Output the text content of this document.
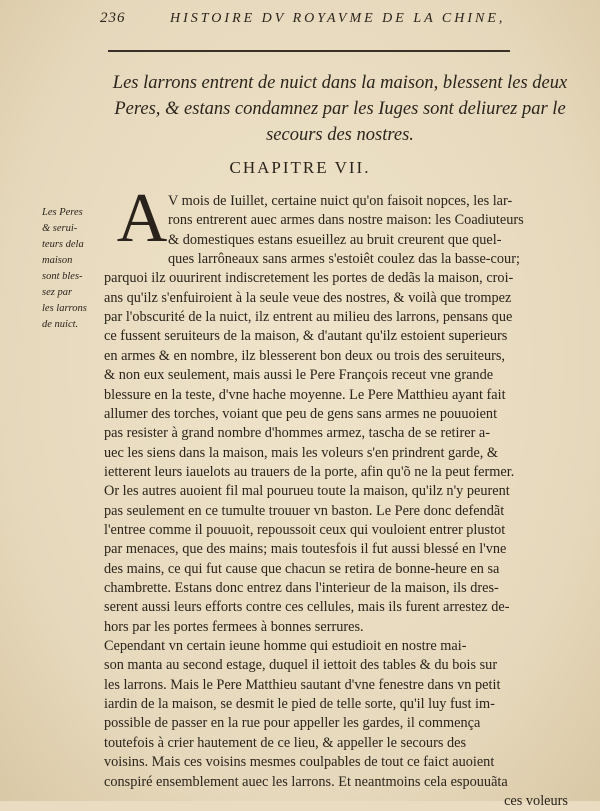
236	HISTOIRE DV ROYAVME DE LA CHINE,

Les larrons entrent de nuict dans la maison, blessent les deux Peres, & estans condamnez par les Iuges sont deliurez par le secours des nostres.

CHAPITRE VII.
Les Peres
& serui-
teurs dela
maison
sont bles-
sez par
les larrons
de nuict.
A V mois de Iuillet, certaine nuict qu'on faisoit nopces, les lar-
rons entrerent auec armes dans nostre maison: les Coadiuteurs
& domestiques estans esueillez au bruit creurent que quel-
ques larrôneaux sans armes s'estoiêt coulez das la basse-cour;
parquoi ilz ouurirent indiscretement les portes de dedãs la maison, croi-
ans qu'ilz s'enfuiroient à la seule veue des nostres, & voilà que trompez
par l'obscurité de la nuict, ilz entrent au milieu des larrons, pensans que
ce fussent seruiteurs de la maison, & d'autant qu'ilz estoient superieurs
en armes & en nombre, ilz blesserent bon deux ou trois des seruiteurs,
& non eux seulement, mais aussi le Pere François receut vne grande
blessure en la teste, d'vne hache moyenne. Le Pere Matthieu ayant fait
allumer des torches, voiant que peu de gens sans armes ne pouuoient
pas resister à grand nombre d'hommes armez, tascha de se retirer a-
uec les siens dans la maison, mais les voleurs s'en prindrent garde, &
ietterent leurs iauelots au trauers de la porte, afin qu'õ ne la peut fermer.
Or les autres auoient fil mal pourueu toute la maison, qu'ilz n'y peurent
pas seulement en ce tumulte trouuer vn baston. Le Pere donc defendãt
l'entree comme il pouuoit, repoussoit ceux qui vouloient entrer plustot
par menaces, que des mains; mais toutesfois il fut aussi blessé en l'vne
des mains, ce qui fut cause que chacun se retira de bonne-heure en sa
chambrette. Estans donc entrez dans l'interieur de la maison, ils dres-
serent aussi leurs efforts contre ces cellules, mais ils furent arrestez de-
hors par les portes fermees à bonnes serrures.
Cependant vn certain ieune homme qui estudioit en nostre mai-
son manta au second estage, duquel il iettoit des tables & du bois sur
les larrons. Mais le Pere Matthieu sautant d'vne fenestre dans vn petit
iardin de la maison, se desmit le pied de telle sorte, qu'il luy fust im-
possible de passer en la rue pour appeller les gardes, il commença
toutefois à crier hautement de ce lieu, & appeller le secours des
voisins. Mais ces voisins mesmes coulpables de tout ce faict auoient
conspiré ensemblement auec les larrons. Et neantmoins cela espouuãta
ces voleurs
